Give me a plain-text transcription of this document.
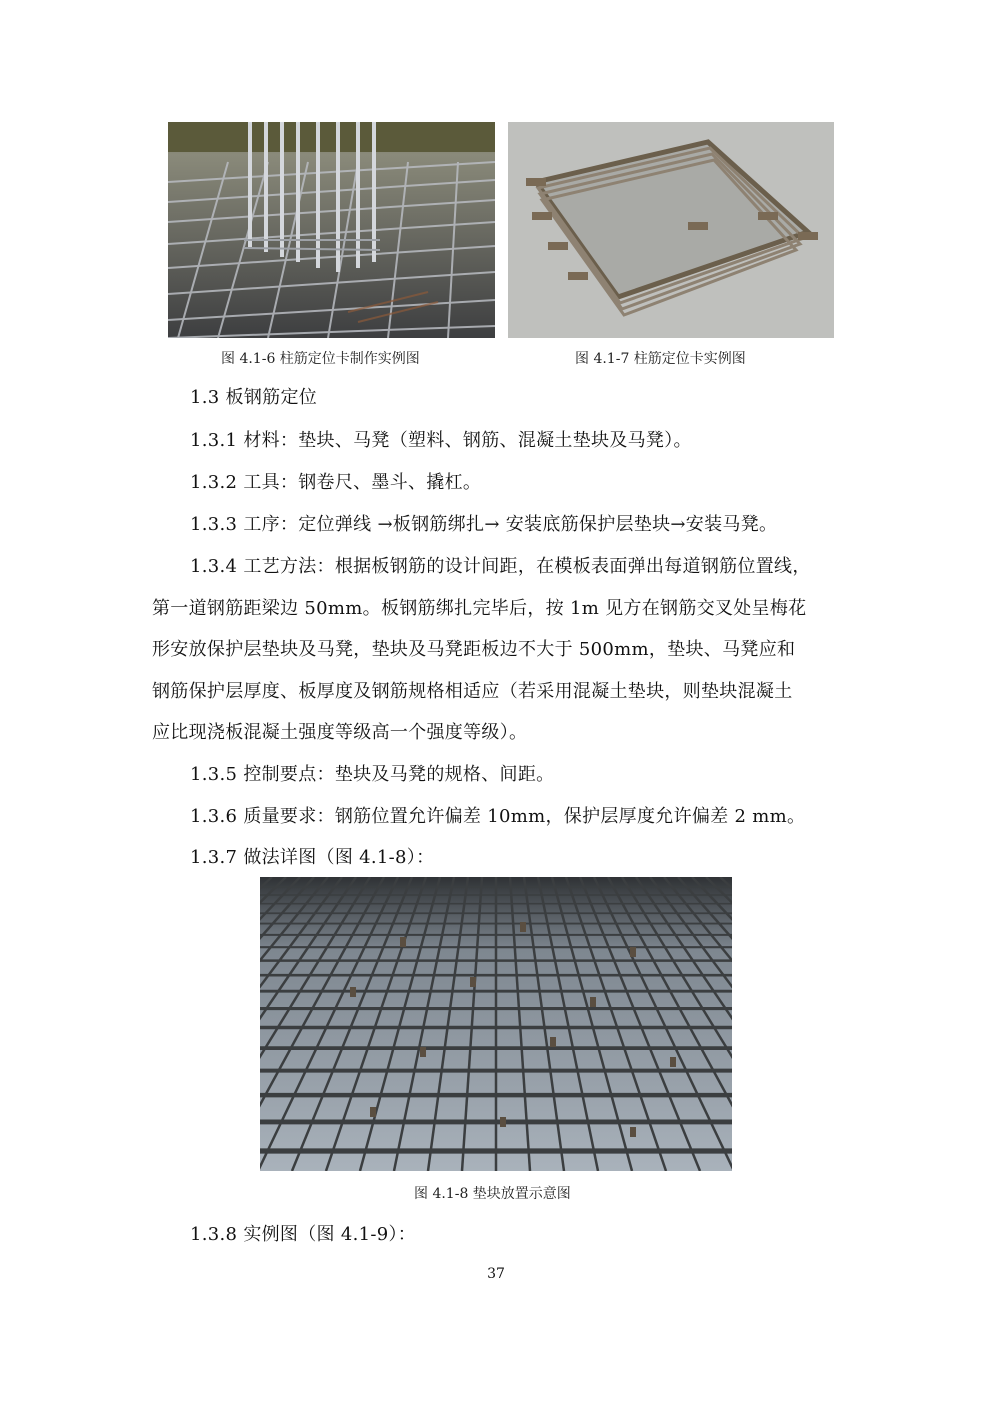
图 4.1-6 柱筋定位卡制作实例图	图 4.1-7 柱筋定位卡实例图
1.3 板钢筋定位
1.3.1 材料：垫块、马凳（塑料、钢筋、混凝土垫块及马凳）。
1.3.2 工具：钢卷尺、墨斗、撬杠。
1.3.3 工序：定位弹线 →板钢筋绑扎→ 安装底筋保护层垫块→安装马凳。
1.3.4 工艺方法：根据板钢筋的设计间距，在模板表面弹出每道钢筋位置线，
第一道钢筋距梁边 50mm。板钢筋绑扎完毕后，按 1m 见方在钢筋交叉处呈梅花
形安放保护层垫块及马凳，垫块及马凳距板边不大于 500mm，垫块、马凳应和
钢筋保护层厚度、板厚度及钢筋规格相适应（若采用混凝土垫块，则垫块混凝土
应比现浇板混凝土强度等级高一个强度等级）。
1.3.5 控制要点：垫块及马凳的规格、间距。
1.3.6 质量要求：钢筋位置允许偏差 10mm，保护层厚度允许偏差 2 mm。
1.3.7 做法详图（图 4.1-8）：
图 4.1-8 垫块放置示意图
1.3.8 实例图（图 4.1-9）：
37
